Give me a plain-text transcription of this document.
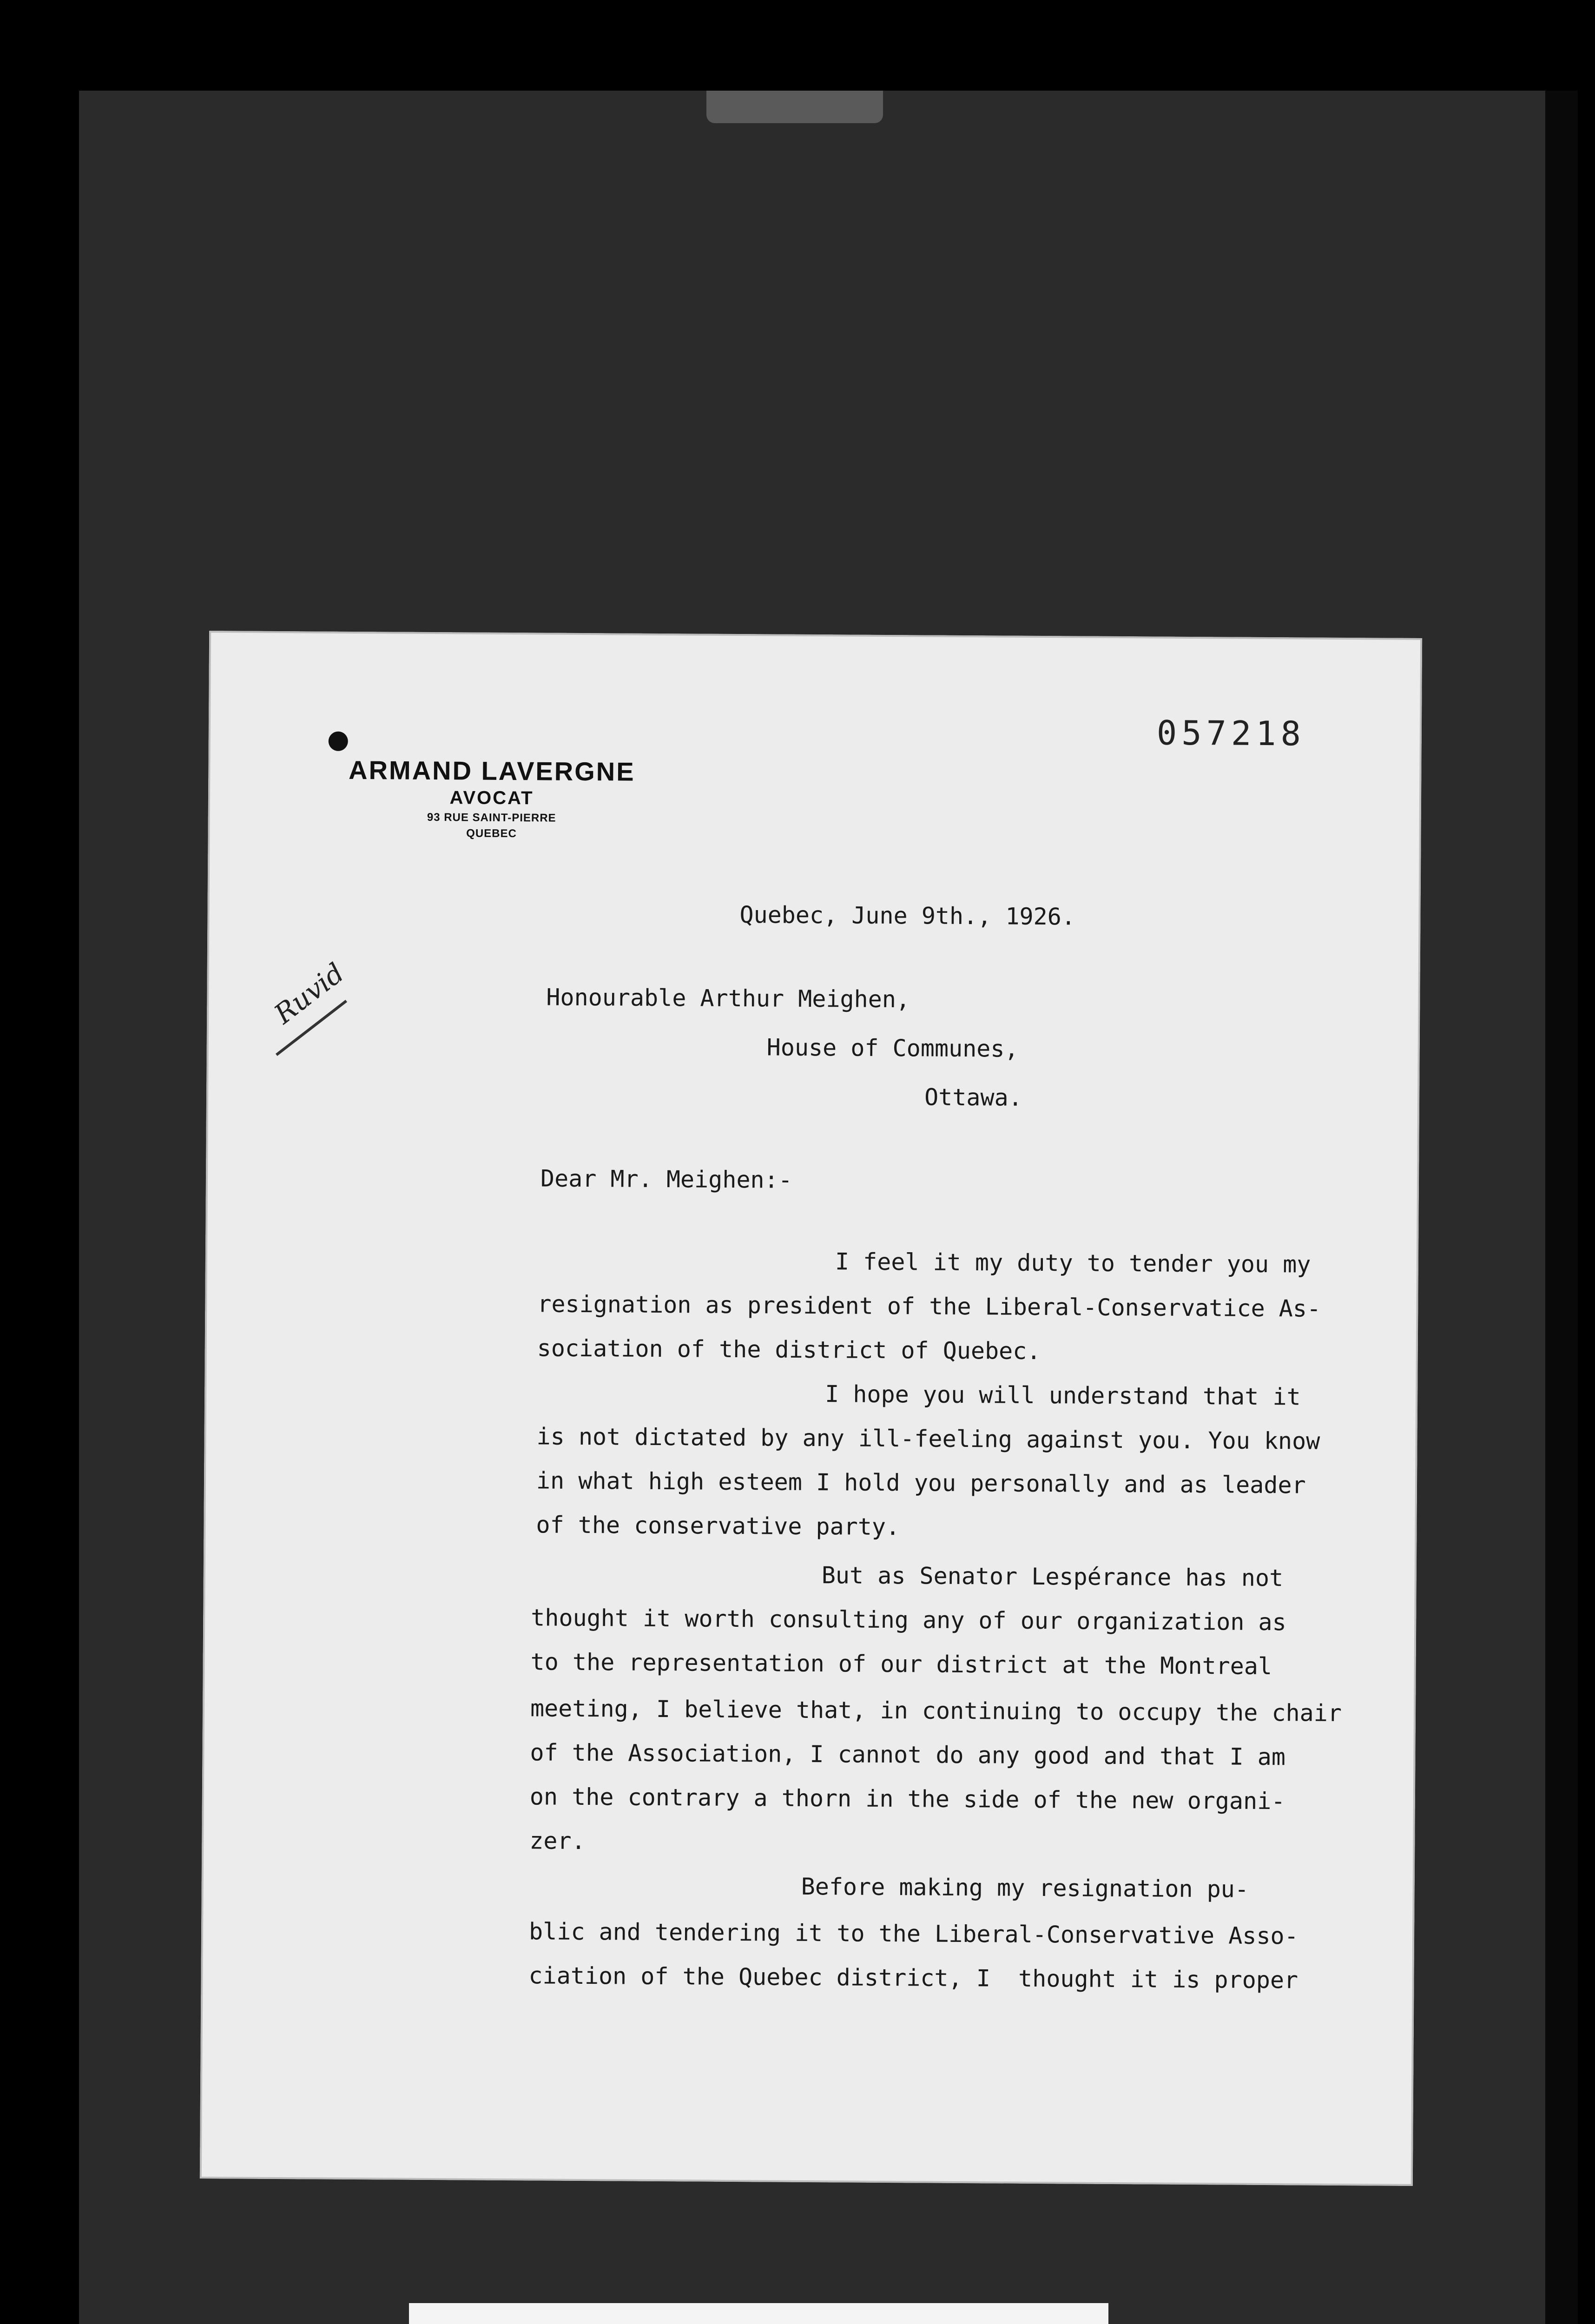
ARMAND LAVERGNE
AVOCAT
93 RUE SAINT-PIERRE
QUEBEC
057218
Ruvid
Quebec, June 9th., 1926.
Honourable Arthur Meighen,
House of Communes,
Ottawa.
Dear Mr. Meighen:-
I feel it my duty to tender you my
resignation as president of the Liberal-Conservatice As-
sociation of the district of Quebec.
I hope you will understand that it
is not dictated by any ill-feeling against you. You know
in what high esteem I hold you personally and as leader
of the conservative party.
But as Senator Lespérance has not
thought it worth consulting any of our organization as
to the representation of our district at the Montreal
meeting, I believe that, in continuing to occupy the chair
of the Association, I cannot do any good and that I am
on the contrary a thorn in the side of the new organi-
zer.
Before making my resignation pu-
blic and tendering it to the Liberal-Conservative Asso-
ciation of the Quebec district, I  thought it is proper
